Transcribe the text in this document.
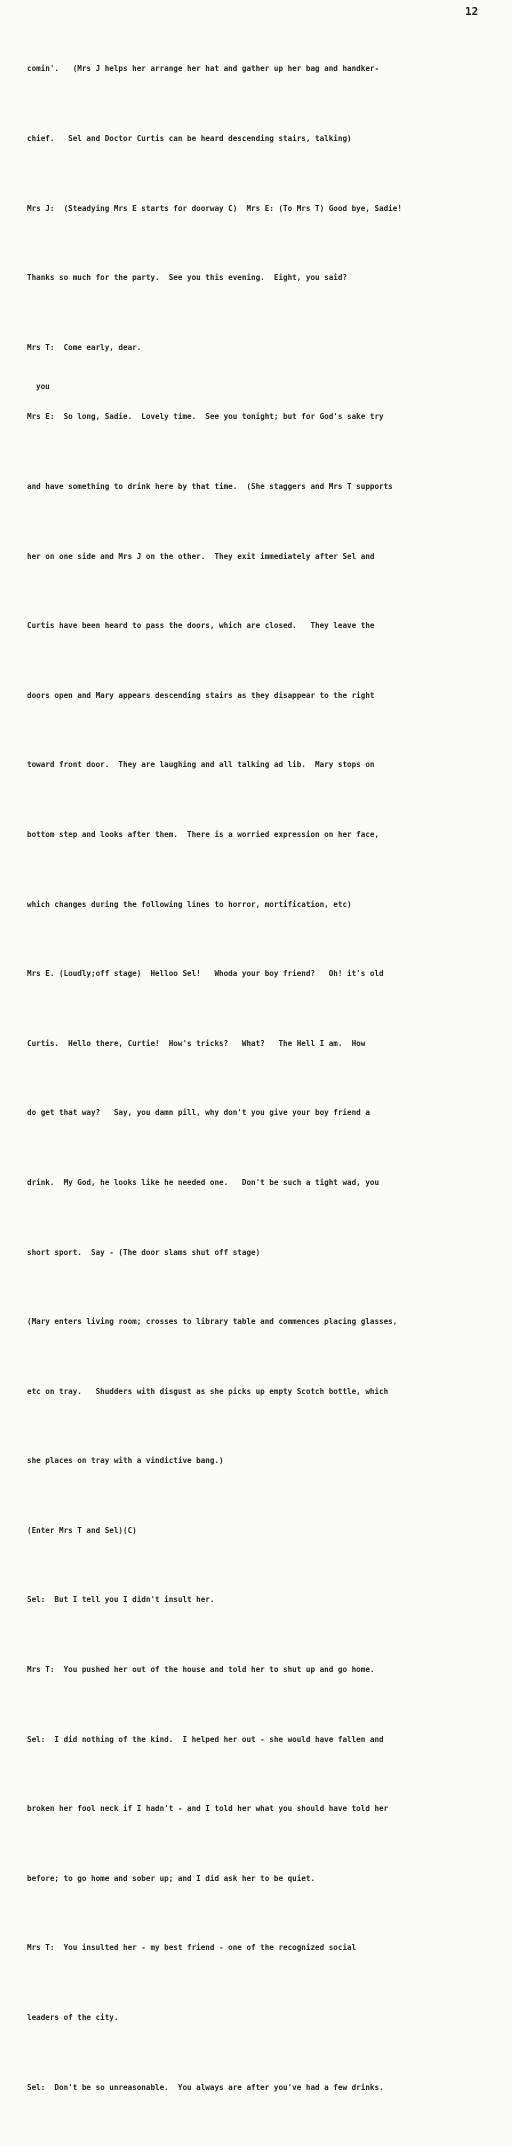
12
you

comin'.   (Mrs J helps her arrange her hat and gather up her bag and handker-

chief.   Sel and Doctor Curtis can be heard descending stairs, talking)

Mrs J:  (Steadying Mrs E starts for doorway C)  Mrs E: (To Mrs T) Good bye, Sadie!

Thanks so much for the party.  See you this evening.  Eight, you said?

Mrs T:  Come early, dear.

Mrs E:  So long, Sadie.  Lovely time.  See you tonight; but for God's sake try

and have something to drink here by that time.  (She staggers and Mrs T supports

her on one side and Mrs J on the other.  They exit immediately after Sel and

Curtis have been heard to pass the doors, which are closed.   They leave the

doors open and Mary appears descending stairs as they disappear to the right

toward front door.  They are laughing and all talking ad lib.  Mary stops on

bottom step and looks after them.  There is a worried expression on her face,

which changes during the following lines to horror, mortification, etc)

Mrs E. (Loudly;off stage)  Helloo Sel!   Whoda your boy friend?   Oh! it's old

Curtis.  Hello there, Curtie!  How's tricks?   What?   The Hell I am.  How

do get that way?   Say, you damn pill, why don't you give your boy friend a

drink.  My God, he looks like he needed one.   Don't be such a tight wad, you

short sport.  Say - (The door slams shut off stage)

(Mary enters living room; crosses to library table and commences placing glasses,

etc on tray.   Shudders with disgust as she picks up empty Scotch bottle, which

she places on tray with a vindictive bang.)

(Enter Mrs T and Sel)(C)

Sel:  But I tell you I didn't insult her.

Mrs T:  You pushed her out of the house and told her to shut up and go home.

Sel:  I did nothing of the kind.  I helped her out - she would have fallen and

broken her fool neck if I hadn't - and I told her what you should have told her

before; to go home and sober up; and I did ask her to be quiet.

Mrs T:  You insulted her - my best friend - one of the recognized social

leaders of the city.

Sel:  Don't be so unreasonable.  You always are after you've had a few drinks.
